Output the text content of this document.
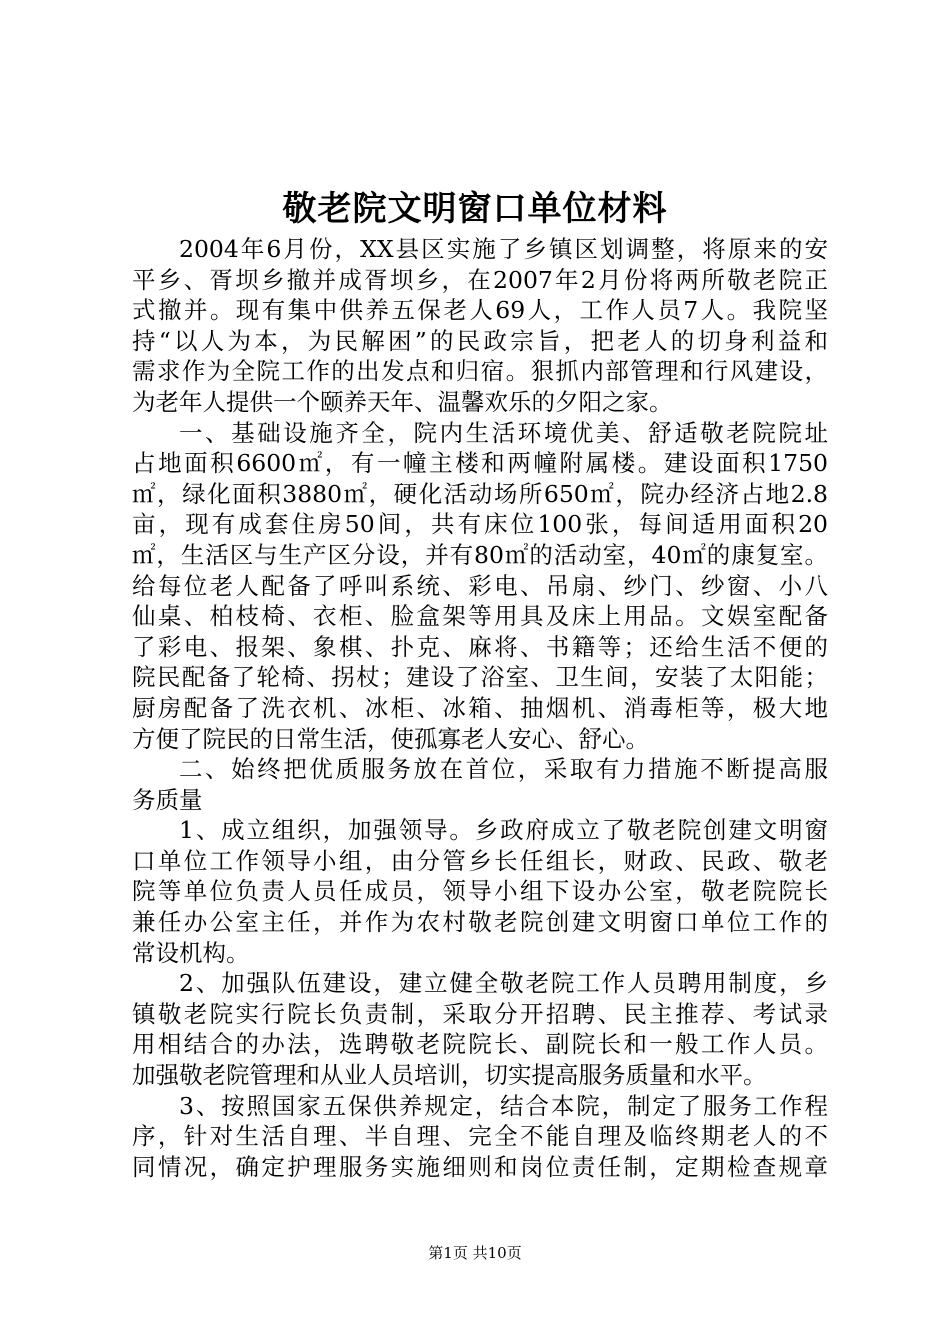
敬老院文明窗口单位材料
2004年6月份，XX县区实施了乡镇区划调整，将原来的安
平乡、胥坝乡撤并成胥坝乡，在2007年2月份将两所敬老院正
式撤并。现有集中供养五保老人69人，工作人员7人。我院坚
持“以人为本，为民解困”的民政宗旨，把老人的切身利益和
需求作为全院工作的出发点和归宿。狠抓内部管理和行风建设，
为老年人提供一个颐养天年、温馨欢乐的夕阳之家。
一、基础设施齐全，院内生活环境优美、舒适敬老院院址
占地面积6600㎡，有一幢主楼和两幢附属楼。建设面积1750
㎡，绿化面积3880㎡，硬化活动场所650㎡，院办经济占地2.8
亩，现有成套住房50间，共有床位100张，每间适用面积20
㎡，生活区与生产区分设，并有80㎡的活动室，40㎡的康复室。
给每位老人配备了呼叫系统、彩电、吊扇、纱门、纱窗、小八
仙桌、柏枝椅、衣柜、脸盒架等用具及床上用品。文娱室配备
了彩电、报架、象棋、扑克、麻将、书籍等；还给生活不便的
院民配备了轮椅、拐杖；建设了浴室、卫生间，安装了太阳能；
厨房配备了洗衣机、冰柜、冰箱、抽烟机、消毒柜等，极大地
方便了院民的日常生活，使孤寡老人安心、舒心。
二、始终把优质服务放在首位，采取有力措施不断提高服
务质量
1、成立组织，加强领导。乡政府成立了敬老院创建文明窗
口单位工作领导小组，由分管乡长任组长，财政、民政、敬老
院等单位负责人员任成员，领导小组下设办公室，敬老院院长
兼任办公室主任，并作为农村敬老院创建文明窗口单位工作的
常设机构。
2、加强队伍建设，建立健全敬老院工作人员聘用制度，乡
镇敬老院实行院长负责制，采取分开招聘、民主推荐、考试录
用相结合的办法，选聘敬老院院长、副院长和一般工作人员。
加强敬老院管理和从业人员培训，切实提高服务质量和水平。
3、按照国家五保供养规定，结合本院，制定了服务工作程
序，针对生活自理、半自理、完全不能自理及临终期老人的不
同情况，确定护理服务实施细则和岗位责任制，定期检查规章
第1页 共10页
